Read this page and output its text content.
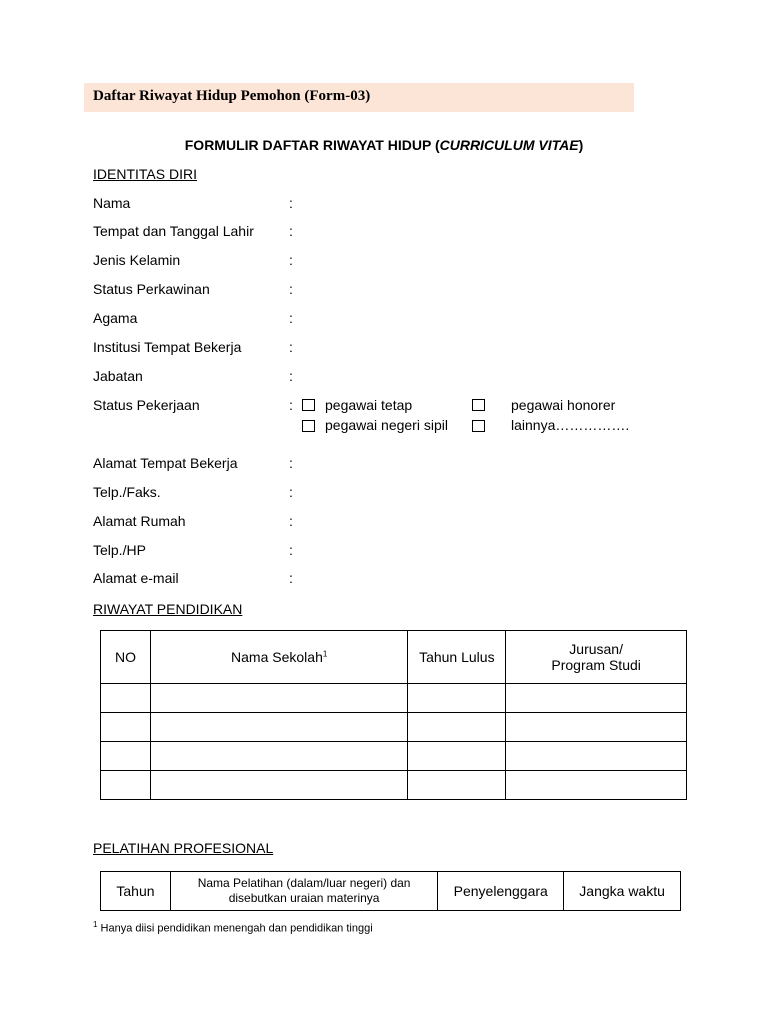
Daftar Riwayat Hidup Pemohon (Form-03)
FORMULIR DAFTAR RIWAYAT HIDUP (CURRICULUM VITAE)
IDENTITAS DIRI
Nama	:
Tempat dan Tanggal Lahir	:
Jenis Kelamin	:
Status Perkawinan	:
Agama	:
Institusi Tempat Bekerja	:
Jabatan	:
Status Pekerjaan	: pegawai tetap	pegawai honorer
pegawai negeri sipil	lainnya…………….
Alamat Tempat Bekerja	:
Telp./Faks.	:
Alamat Rumah	:
Telp./HP	:
Alamat e-mail	:
RIWAYAT PENDIDIKAN
NO	Nama Sekolah$^1$	Tahun Lulus	Jurusan/
Program Studi

PELATIHAN PROFESIONAL
Tahun	Nama Pelatihan (dalam/luar negeri) dan
disebutkan uraian materinya	Penyelenggara	Jangka waktu
$^1$ Hanya diisi pendidikan menengah dan pendidikan tinggi
